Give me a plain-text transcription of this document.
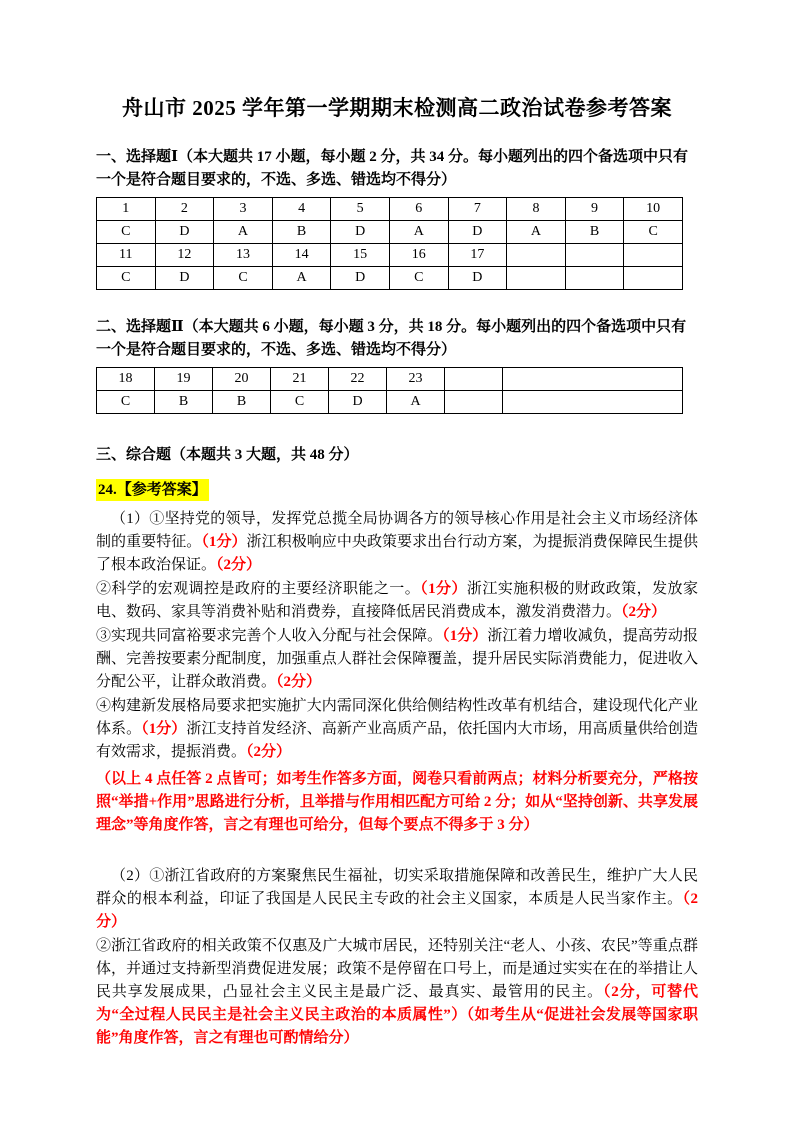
舟山市 2025 学年第一学期期末检测高二政治试卷参考答案

一、选择题Ⅰ（本大题共 17 小题，每小题 2 分，共 34 分。每小题列出的四个备选项中只有一个是符合题目要求的，不选、多选、错选均不得分）

1	2	3	4	5	6	7	8	9	10
C	D	A	B	D	A	D	A	B	C
11	12	13	14	15	16	17			
C	D	C	A	D	C	D			

二、选择题Ⅱ（本大题共 6 小题，每小题 3 分，共 18 分。每小题列出的四个备选项中只有一个是符合题目要求的，不选、多选、错选均不得分）

18	19	20	21	22	23		
C	B	B	C	D	A		

三、综合题（本题共 3 大题，共 48 分）

24.【参考答案】
（1）①坚持党的领导，发挥党总揽全局协调各方的领导核心作用是社会主义市场经济体制的重要特征。（1分）浙江积极响应中央政策要求出台行动方案，为提振消费保障民生提供了根本政治保证。（2分）
②科学的宏观调控是政府的主要经济职能之一。（1分）浙江实施积极的财政政策，发放家电、数码、家具等消费补贴和消费券，直接降低居民消费成本，激发消费潜力。（2分）
③实现共同富裕要求完善个人收入分配与社会保障。（1分）浙江着力增收减负，提高劳动报酬、完善按要素分配制度，加强重点人群社会保障覆盖，提升居民实际消费能力，促进收入分配公平，让群众敢消费。（2分）
④构建新发展格局要求把实施扩大内需同深化供给侧结构性改革有机结合，建设现代化产业体系。（1分）浙江支持首发经济、高新产业高质产品，依托国内大市场，用高质量供给创造有效需求，提振消费。（2分）
（以上 4 点任答 2 点皆可；如考生作答多方面，阅卷只看前两点；材料分析要充分，严格按照“举措+作用”思路进行分析，且举措与作用相匹配方可给 2 分；如从“坚持创新、共享发展理念”等角度作答，言之有理也可给分，但每个要点不得多于 3 分）
（2）①浙江省政府的方案聚焦民生福祉，切实采取措施保障和改善民生，维护广大人民群众的根本利益，印证了我国是人民民主专政的社会主义国家，本质是人民当家作主。（2分）
②浙江省政府的相关政策不仅惠及广大城市居民，还特别关注“老人、小孩、农民”等重点群体，并通过支持新型消费促进发展；政策不是停留在口号上，而是通过实实在在的举措让人民共享发展成果，凸显社会主义民主是最广泛、最真实、最管用的民主。（2分，可替代为“全过程人民民主是社会主义民主政治的本质属性”）（如考生从“促进社会发展等国家职能”角度作答，言之有理也可酌情给分）
